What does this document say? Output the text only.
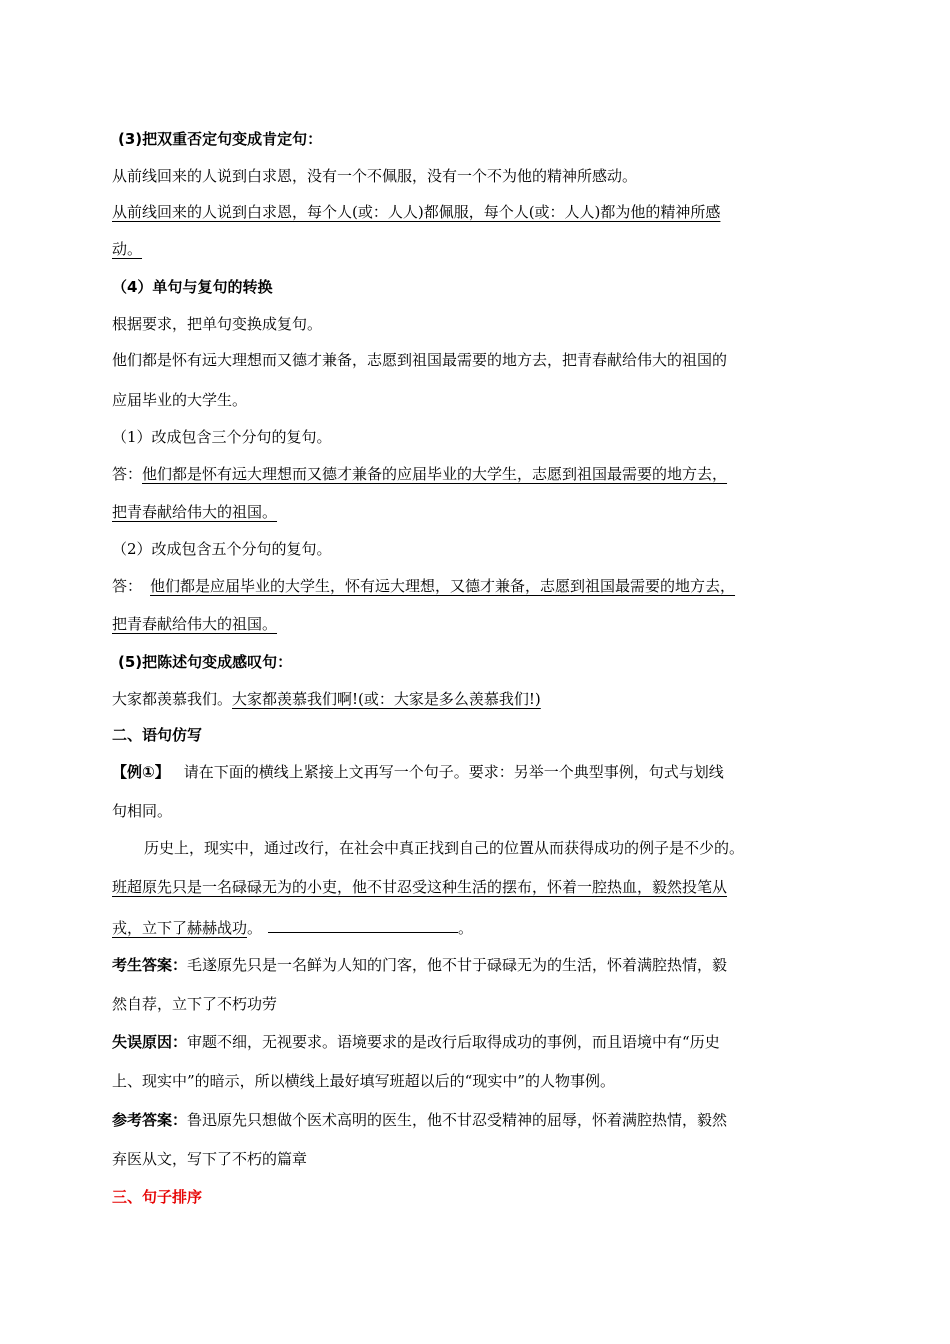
(3)把双重否定句变成肯定句：
从前线回来的人说到白求恩，没有一个不佩服，没有一个不为他的精神所感动。
从前线回来的人说到白求恩，每个人(或：人人)都佩服，每个人(或：人人)都为他的精神所感
动。
（4）单句与复句的转换
根据要求，把单句变换成复句。
他们都是怀有远大理想而又德才兼备，志愿到祖国最需要的地方去，把青春献给伟大的祖国的
应届毕业的大学生。
（1）改成包含三个分句的复句。
答：他们都是怀有远大理想而又德才兼备的应届毕业的大学生，志愿到祖国最需要的地方去，
把青春献给伟大的祖国。
（2）改成包含五个分句的复句。
答： 他们都是应届毕业的大学生，怀有远大理想，又德才兼备，志愿到祖国最需要的地方去，
把青春献给伟大的祖国。
(5)把陈述句变成感叹句：
大家都羡慕我们。大家都羡慕我们啊!(或：大家是多么羡慕我们!)
二、语句仿写
【例①】 请在下面的横线上紧接上文再写一个句子。要求：另举一个典型事例，句式与划线
句相同。
历史上，现实中，通过改行，在社会中真正找到自己的位置从而获得成功的例子是不少的。
班超原先只是一名碌碌无为的小吏，他不甘忍受这种生活的摆布，怀着一腔热血，毅然投笔从
戎，立下了赫赫战功。	。
考生答案：毛遂原先只是一名鲜为人知的门客，他不甘于碌碌无为的生活，怀着满腔热情，毅
然自荐，立下了不朽功劳
失误原因：审题不细，无视要求。语境要求的是改行后取得成功的事例，而且语境中有“历史
上、现实中”的暗示，所以横线上最好填写班超以后的“现实中”的人物事例。
参考答案：鲁迅原先只想做个医术高明的医生，他不甘忍受精神的屈辱，怀着满腔热情，毅然
弃医从文，写下了不朽的篇章
三、句子排序
